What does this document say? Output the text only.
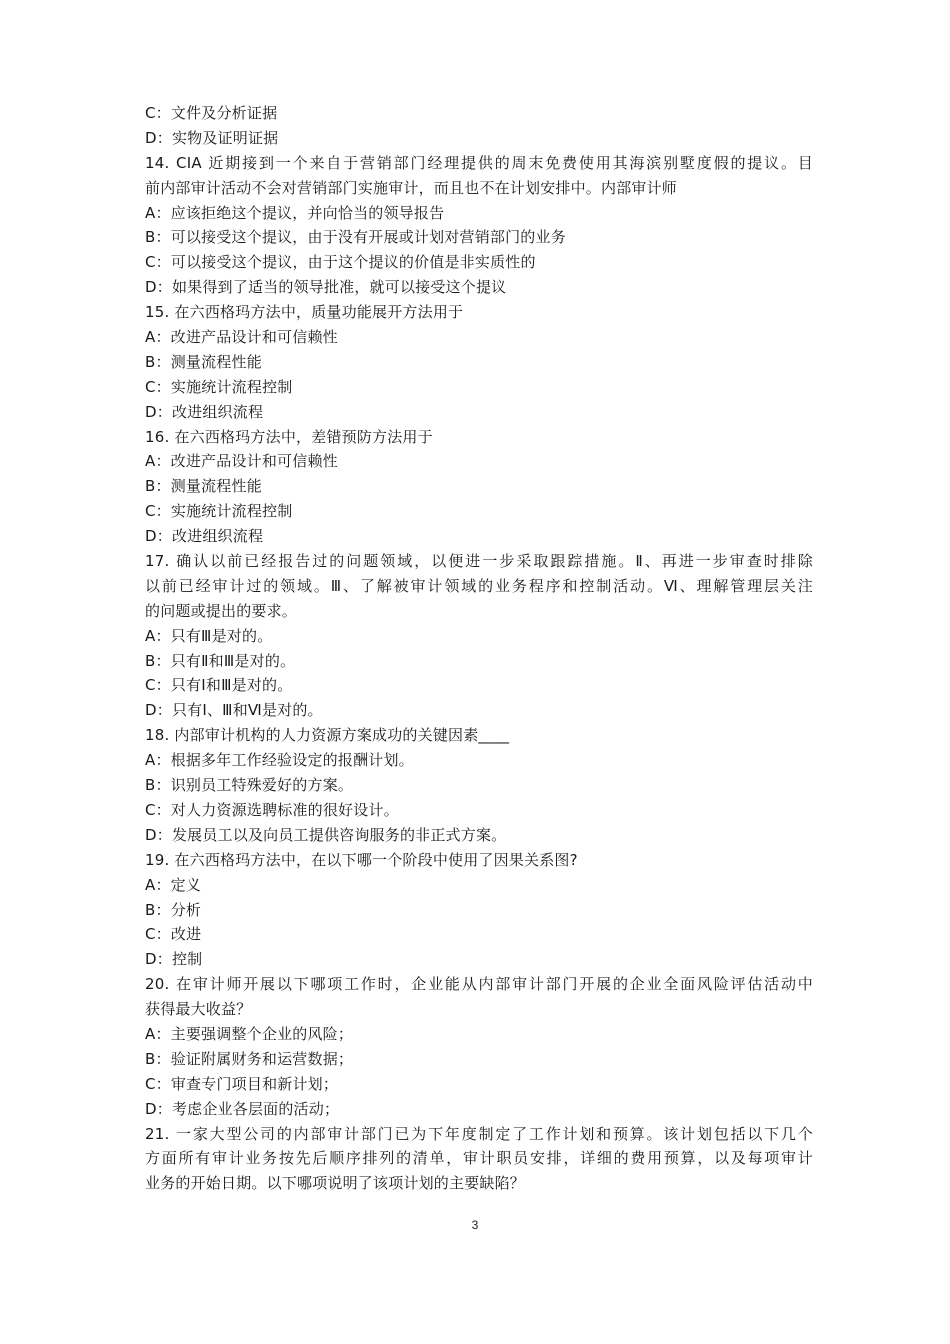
C：文件及分析证据
D：实物及证明证据
14. CIA 近期接到一个来自于营销部门经理提供的周末免费使用其海滨别墅度假的提议。目
前内部审计活动不会对营销部门实施审计，而且也不在计划安排中。内部审计师
A：应该拒绝这个提议，并向恰当的领导报告
B：可以接受这个提议，由于没有开展或计划对营销部门的业务
C：可以接受这个提议，由于这个提议的价值是非实质性的
D：如果得到了适当的领导批准，就可以接受这个提议
15. 在六西格玛方法中，质量功能展开方法用于
A：改进产品设计和可信赖性
B：测量流程性能
C：实施统计流程控制
D：改进组织流程
16. 在六西格玛方法中，差错预防方法用于
A：改进产品设计和可信赖性
B：测量流程性能
C：实施统计流程控制
D：改进组织流程
17. 确认以前已经报告过的问题领域，以便进一步采取跟踪措施。Ⅱ、再进一步审查时排除
以前已经审计过的领域。Ⅲ、了解被审计领域的业务程序和控制活动。Ⅵ、理解管理层关注
的问题或提出的要求。
A：只有Ⅲ是对的。
B：只有Ⅱ和Ⅲ是对的。
C：只有Ⅰ和Ⅲ是对的。
D：只有Ⅰ、Ⅲ和Ⅵ是对的。
18. 内部审计机构的人力资源方案成功的关键因素____
A：根据多年工作经验设定的报酬计划。
B：识别员工特殊爱好的方案。
C：对人力资源选聘标准的很好设计。
D：发展员工以及向员工提供咨询服务的非正式方案。
19. 在六西格玛方法中，在以下哪一个阶段中使用了因果关系图?
A：定义
B：分析
C：改进
D：控制
20. 在审计师开展以下哪项工作时，企业能从内部审计部门开展的企业全面风险评估活动中
获得最大收益？
A：主要强调整个企业的风险；
B：验证附属财务和运营数据；
C：审查专门项目和新计划；
D：考虑企业各层面的活动；
21. 一家大型公司的内部审计部门已为下年度制定了工作计划和预算。该计划包括以下几个
方面所有审计业务按先后顺序排列的清单，审计职员安排，详细的费用预算，以及每项审计
业务的开始日期。以下哪项说明了该项计划的主要缺陷？
3
